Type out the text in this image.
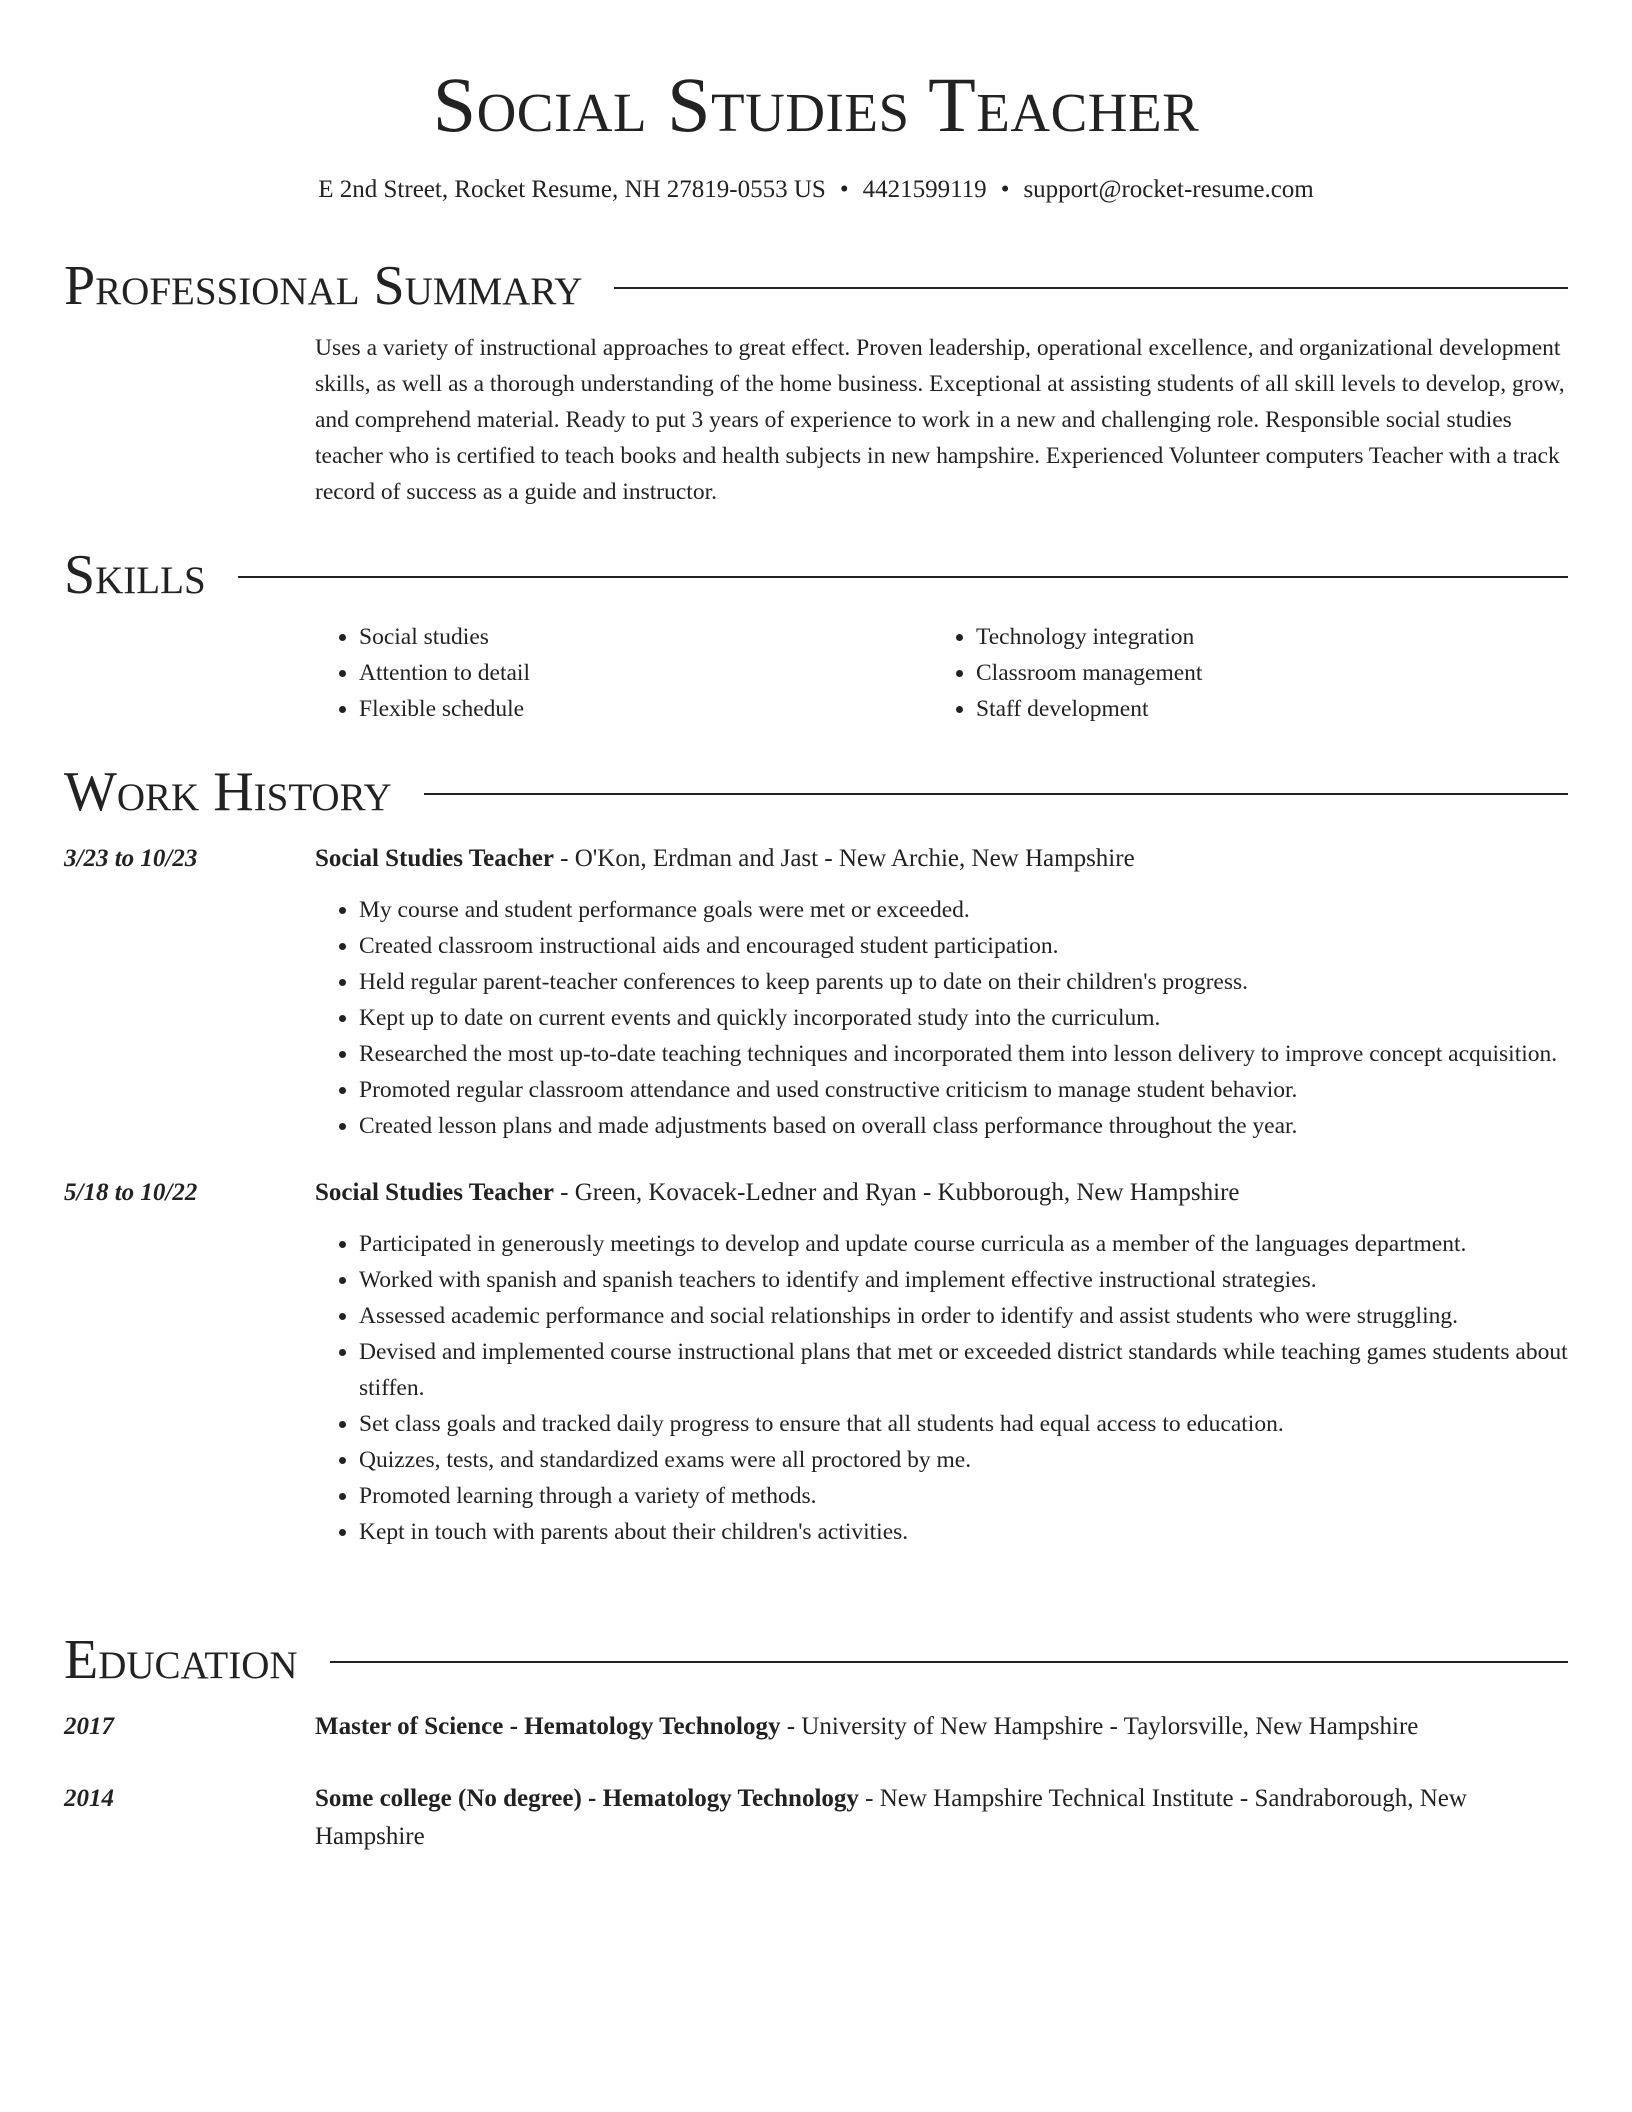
Social Studies Teacher
E 2nd Street, Rocket Resume, NH 27819-0553 US • 4421599119 • support@rocket-resume.com
Professional Summary

Uses a variety of instructional approaches to great effect. Proven leadership, operational excellence, and organizational development skills, as well as a thorough understanding of the home business. Exceptional at assisting students of all skill levels to develop, grow, and comprehend material. Ready to put 3 years of experience to work in a new and challenging role. Responsible social studies teacher who is certified to teach books and health subjects in new hampshire. Experienced Volunteer computers Teacher with a track record of success as a guide and instructor.

Skills
• Social studies
• Attention to detail
• Flexible schedule
• Technology integration
• Classroom management
• Staff development
Work History
3/23 to 10/23	Social Studies Teacher - O'Kon, Erdman and Jast - New Archie, New Hampshire
• My course and student performance goals were met or exceeded.
• Created classroom instructional aids and encouraged student participation.
• Held regular parent-teacher conferences to keep parents up to date on their children's progress.
• Kept up to date on current events and quickly incorporated study into the curriculum.
• Researched the most up-to-date teaching techniques and incorporated them into lesson delivery to improve concept acquisition.
• Promoted regular classroom attendance and used constructive criticism to manage student behavior.
• Created lesson plans and made adjustments based on overall class performance throughout the year.
5/18 to 10/22	Social Studies Teacher - Green, Kovacek-Ledner and Ryan - Kubborough, New Hampshire
• Participated in generously meetings to develop and update course curricula as a member of the languages department.
• Worked with spanish and spanish teachers to identify and implement effective instructional strategies.
• Assessed academic performance and social relationships in order to identify and assist students who were struggling.
• Devised and implemented course instructional plans that met or exceeded district standards while teaching games students about stiffen.
• Set class goals and tracked daily progress to ensure that all students had equal access to education.
• Quizzes, tests, and standardized exams were all proctored by me.
• Promoted learning through a variety of methods.
• Kept in touch with parents about their children's activities.
Education
2017	Master of Science - Hematology Technology - University of New Hampshire - Taylorsville, New Hampshire
2014	Some college (No degree) - Hematology Technology - New Hampshire Technical Institute - Sandraborough, New Hampshire
